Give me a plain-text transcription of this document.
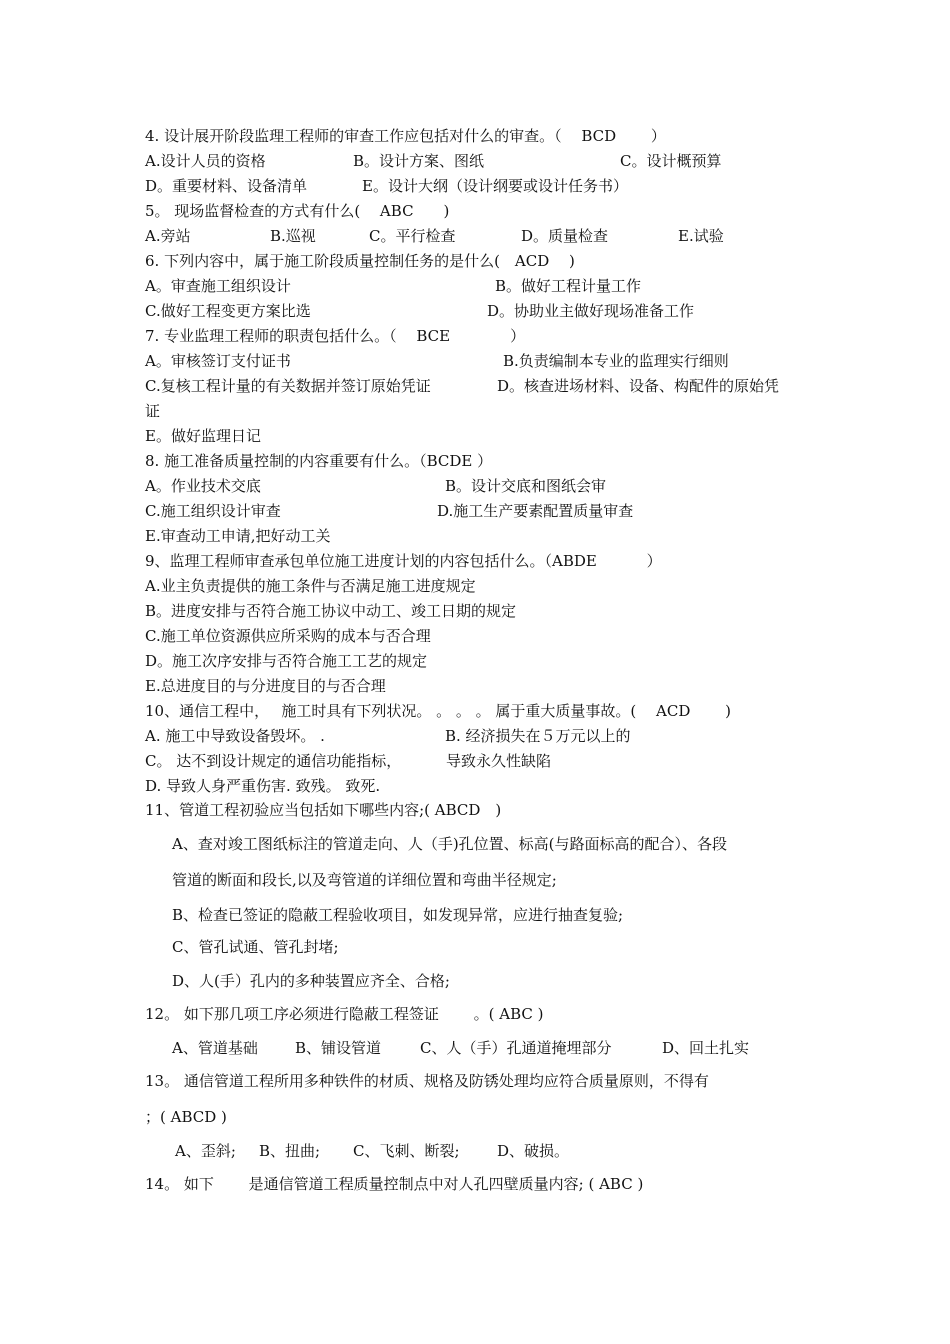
4. 设计展开阶段监理工程师的审查工作应包括对什么的审查。（　 BCD　　 ）
A.设计人员的资格	B。设计方案、图纸	C。设计概预算
D。重要材料、设备清单	E。设计大纲（设计纲要或设计任务书）
5。 现场监督检查的方式有什么(　 ABC　　)
A.旁站	B.巡视	C。平行检查	D。质量检查	E.试验
6. 下列内容中，属于施工阶段质量控制任务的是什么(　ACD　 )
A。审查施工组织设计	B。做好工程计量工作
C.做好工程变更方案比选	D。协助业主做好现场准备工作
7. 专业监理工程师的职责包括什么。（　 BCE　　　　）
A。审核签订支付证书	B.负责编制本专业的监理实行细则
C.复核工程计量的有关数据并签订原始凭证	D。核查进场材料、设备、构配件的原始凭
证
E。做好监理日记
8. 施工准备质量控制的内容重要有什么。（BCDE ）
A。作业技术交底	B。设计交底和图纸会审
C.施工组织设计审查	D.施工生产要素配置质量审查
E.审查动工申请,把好动工关
9、监理工程师审查承包单位施工进度计划的内容包括什么。（ABDE　　　 ）
A.业主负责提供的施工条件与否满足施工进度规定
B。进度安排与否符合施工协议中动工、竣工日期的规定
C.施工单位资源供应所采购的成本与否合理
D。施工次序安排与否符合施工工艺的规定
E.总进度目的与分进度目的与否合理
10、通信工程中，　 施工时具有下列状况。 。 。 。 属于重大质量事故。(　 ACD　　 )
A. 施工中导致设备毁坏。 .	B. 经济损失在５万元以上的
C。 达不到设计规定的通信功能指标，	导致永久性缺陷
D. 导致人身严重伤害. 致残。 致死.
11、管道工程初验应当包括如下哪些内容;( ABCD　)
A、查对竣工图纸标注的管道走向、人（手)孔位置、标高(与路面标高的配合）、各段
管道的断面和段长,以及弯管道的详细位置和弯曲半径规定;
B、检查已签证的隐蔽工程验收项目，如发现异常，应进行抽查复验;
C、管孔试通、管孔封堵;
D、人(手）孔内的多种装置应齐全、合格;
12。 如下那几项工序必须进行隐蔽工程签证　　 。( ABC )
A、管道基础 B、铺设管道	C、人（手）孔通道掩埋部分	D、回土扎实
13。 通信管道工程所用多种铁件的材质、规格及防锈处理均应符合质量原则，不得有
；( ABCD )
A、歪斜; B、扭曲; C、飞刺、断裂; D、破损。
14。 如下　　 是通信管道工程质量控制点中对人孔四壁质量内容; ( ABC )
